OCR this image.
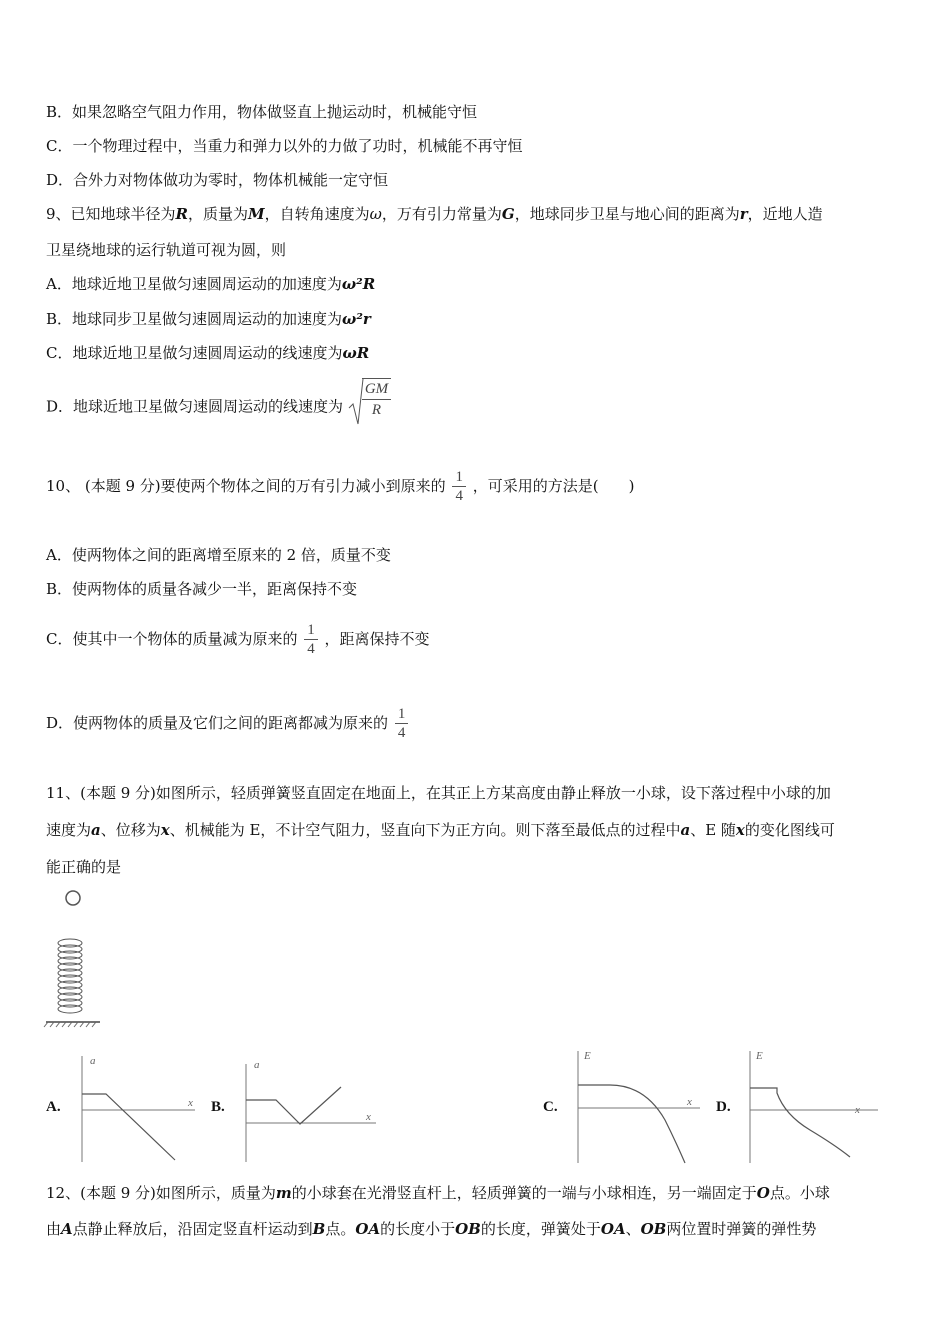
B．如果忽略空气阻力作用，物体做竖直上抛运动时，机械能守恒
C．一个物理过程中，当重力和弹力以外的力做了功时，机械能不再守恒
D．合外力对物体做功为零时，物体机械能一定守恒
9、已知地球半径为R，质量为M，自转角速度为ω，万有引力常量为G，地球同步卫星与地心间的距离为r，近地人造
卫星绕地球的运行轨道可视为圆，则
A．地球近地卫星做匀速圆周运动的加速度为ω²R
B．地球同步卫星做匀速圆周运动的加速度为ω²r
C．地球近地卫星做匀速圆周运动的线速度为ωR
D．地球近地卫星做匀速圆周运动的线速度为 $\frac{GM}{R}$
10、 (本题 9 分)要使两个物体之间的万有引力减小到原来的 $\frac{1}{4}$ ，可采用的方法是(　　)
A．使两物体之间的距离增至原来的 2 倍，质量不变
B．使两物体的质量各减少一半，距离保持不变
C．使其中一个物体的质量减为原来的 $\frac{1}{4}$ ，距离保持不变
D．使两物体的质量及它们之间的距离都减为原来的 $\frac{1}{4}$
11、(本题 9 分)如图所示，轻质弹簧竖直固定在地面上，在其正上方某高度由静止释放一小球，设下落过程中小球的加
速度为a、位移为x、机械能为 E，不计空气阻力，竖直向下为正方向。则下落至最低点的过程中a、E 随x的变化图线可
能正确的是
A.	B.	C.	D.
a
x
a
x
E
x
E
x
12、(本题 9 分)如图所示，质量为m的小球套在光滑竖直杆上，轻质弹簧的一端与小球相连，另一端固定于O点。小球
由A点静止释放后，沿固定竖直杆运动到B点。OA的长度小于OB的长度，弹簧处于OA、OB两位置时弹簧的弹性势
